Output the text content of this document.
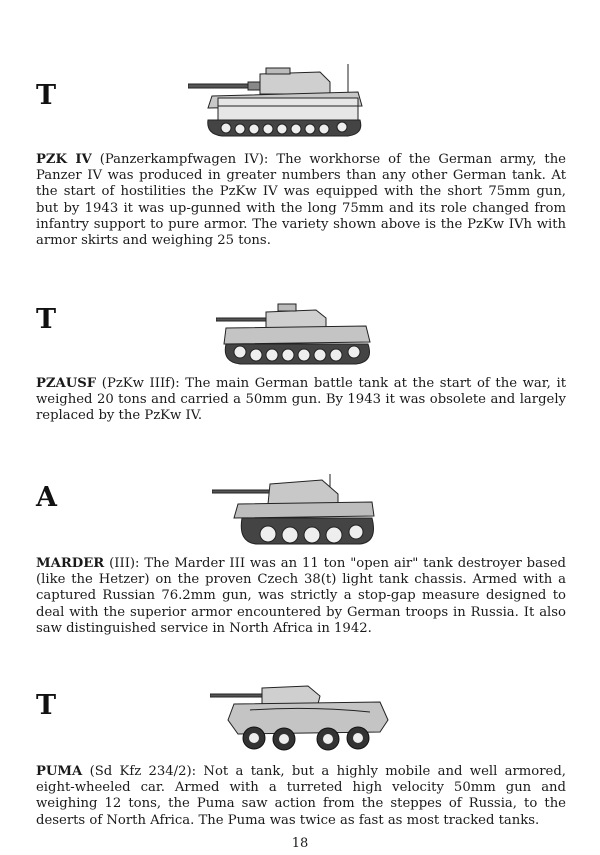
T

PZK IV (Panzerkampfwagen IV): The workhorse of the German army, the Panzer IV was produced in greater numbers than any other German tank. At the start of hostilities the PzKw IV was equipped with the short 75mm gun, but by 1943 it was up-gunned with the long 75mm and its role changed from infantry support to pure armor. The variety shown above is the PzKw IVh with armor skirts and weighing 25 tons.

T

PZAUSF (PzKw IIIf): The main German battle tank at the start of the war, it weighed 20 tons and carried a 50mm gun. By 1943 it was obsolete and largely replaced by the PzKw IV.

A

MARDER (III): The Marder III was an 11 ton "open air" tank destroyer based (like the Hetzer) on the proven Czech 38(t) light tank chassis. Armed with a captured Russian 76.2mm gun, was strictly a stop-gap measure designed to deal with the superior armor encountered by German troops in Russia. It also saw distinguished service in North Africa in 1942.

T

PUMA (Sd Kfz 234/2): Not a tank, but a highly mobile and well armored, eight-wheeled car. Armed with a turreted high velocity 50mm gun and weighing 12 tons, the Puma saw action from the steppes of Russia, to the deserts of North Africa. The Puma was twice as fast as most tracked tanks.

18
